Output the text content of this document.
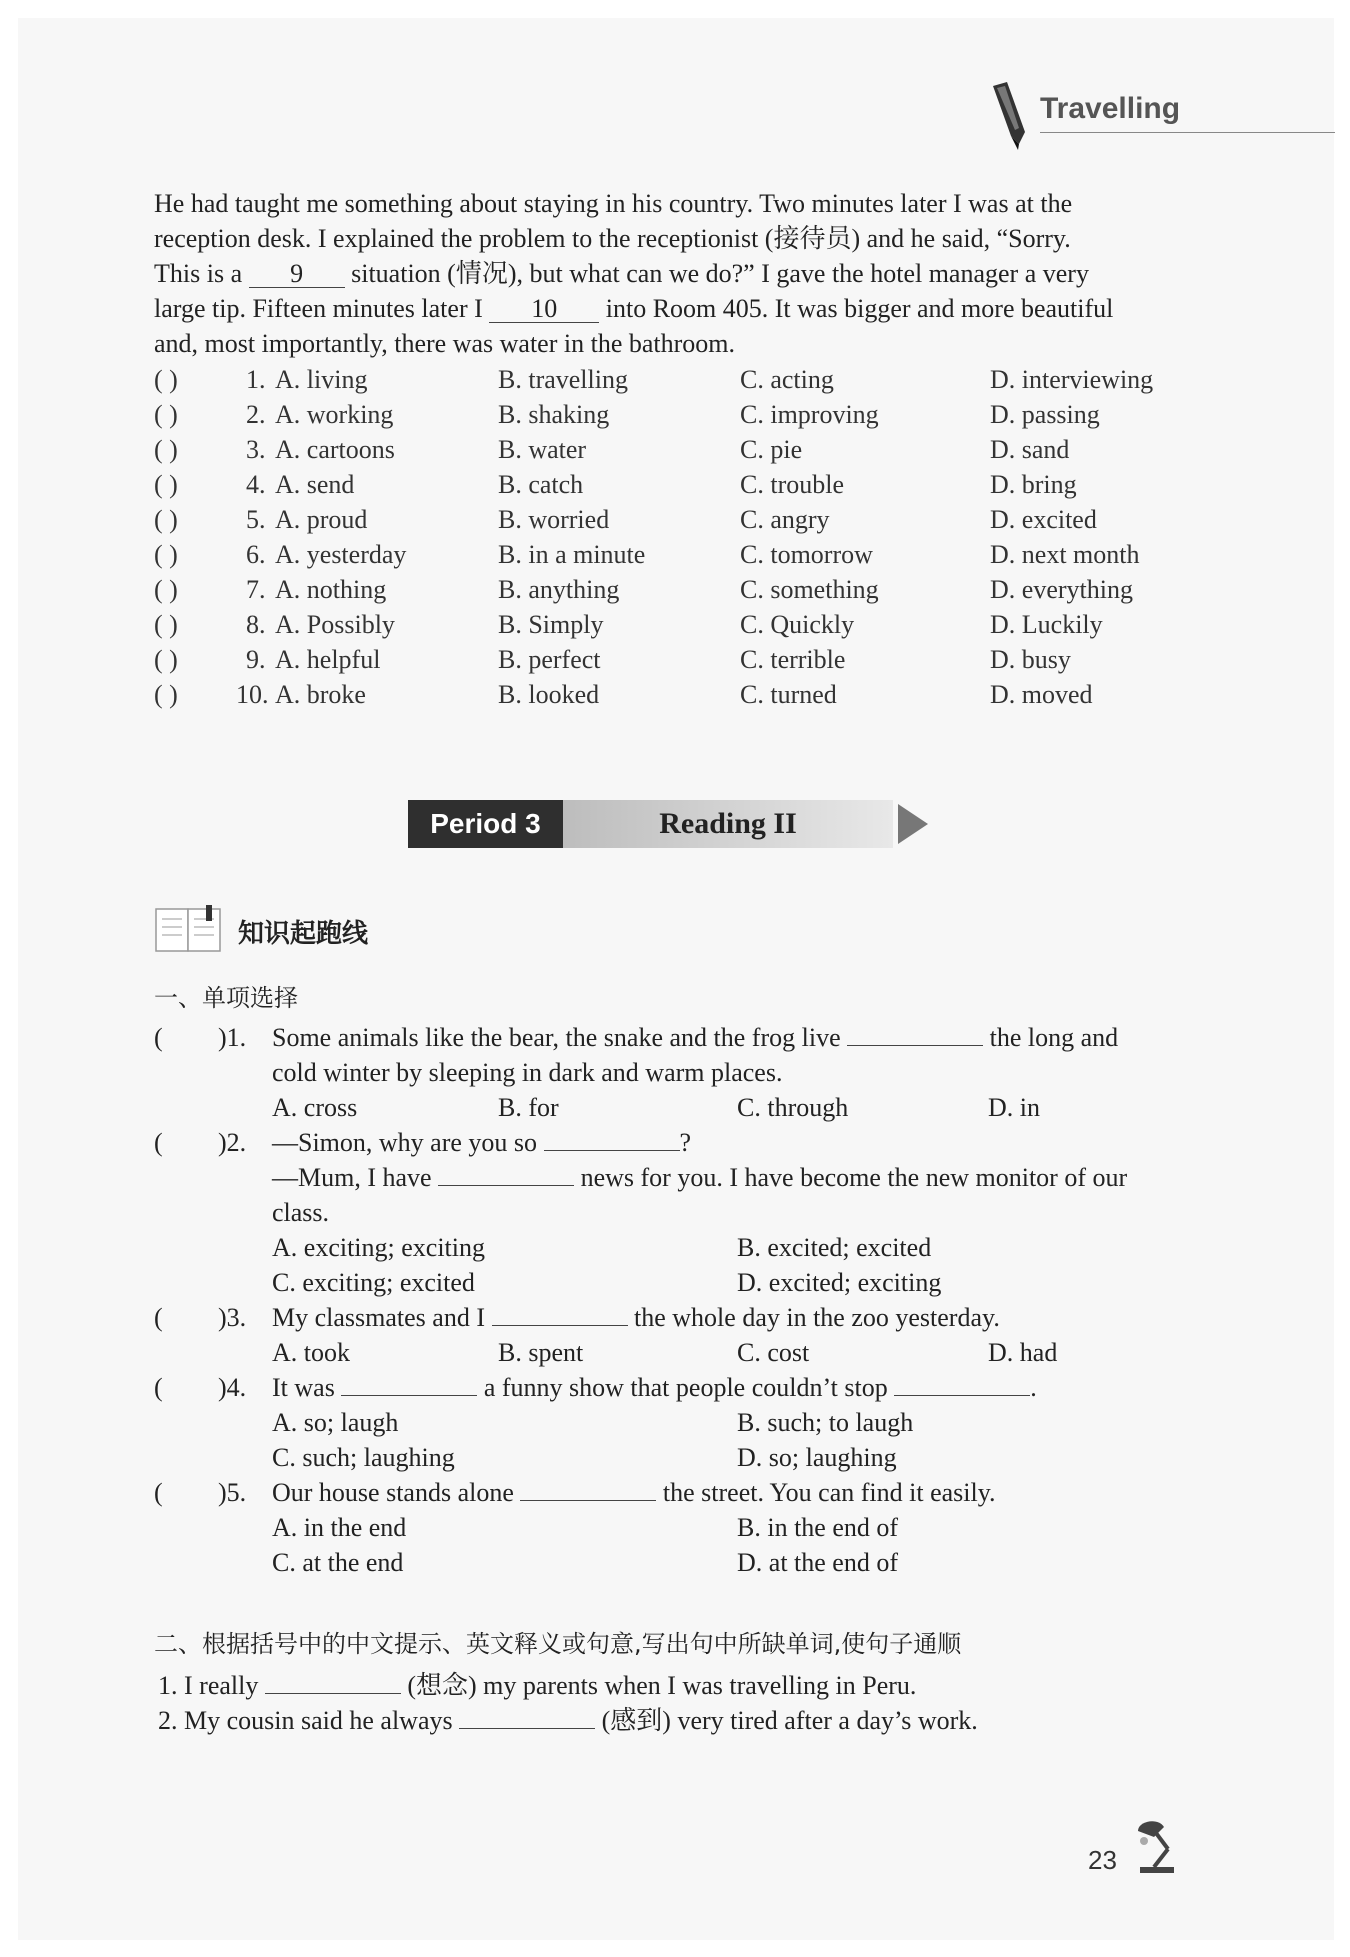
Travelling
He had taught me something about staying in his country. Two minutes later I was at the
reception desk. I explained the problem to the receptionist (接待员) and he said, “Sorry.
This is a 9 situation (情况), but what can we do?” I gave the hotel manager a very
large tip. Fifteen minutes later I 10 into Room 405. It was bigger and more beautiful
and, most importantly, there was water in the bathroom.
( )	1. A. living	B. travelling	C. acting	D. interviewing
( )	2. A. working	B. shaking	C. improving	D. passing
( )	3. A. cartoons	B. water	C. pie	D. sand
( )	4. A. send	B. catch	C. trouble	D. bring
( )	5. A. proud	B. worried	C. angry	D. excited
( )	6. A. yesterday	B. in a minute	C. tomorrow	D. next month
( )	7. A. nothing	B. anything	C. something	D. everything
( )	8. A. Possibly	B. Simply	C. Quickly	D. Luckily
( )	9. A. helpful	B. perfect	C. terrible	D. busy
( ) 10. A. broke	B. looked	C. turned	D. moved
Period 3	Reading II
知识起跑线
一、单项选择
( )1. Some animals like the bear, the snake and the frog live	the long and
cold winter by sleeping in dark and warm places.
A. cross	B. for	C. through	D. in
( )2. —Simon, why are you so	?
—Mum, I have	news for you. I have become the new monitor of our
class.
A. exciting; exciting	B. excited; excited
C. exciting; excited	D. excited; exciting
( )3. My classmates and I	the whole day in the zoo yesterday.
A. took	B. spent	C. cost	D. had
( )4. It was	a funny show that people couldn’t stop	.
A. so; laugh	B. such; to laugh
C. such; laughing	D. so; laughing
( )5. Our house stands alone	the street. You can find it easily.
A. in the end	B. in the end of
C. at the end	D. at the end of
二、根据括号中的中文提示、英文释义或句意,写出句中所缺单词,使句子通顺
1. I really	(想念) my parents when I was travelling in Peru.
2. My cousin said he always	(感到) very tired after a day’s work.
23
